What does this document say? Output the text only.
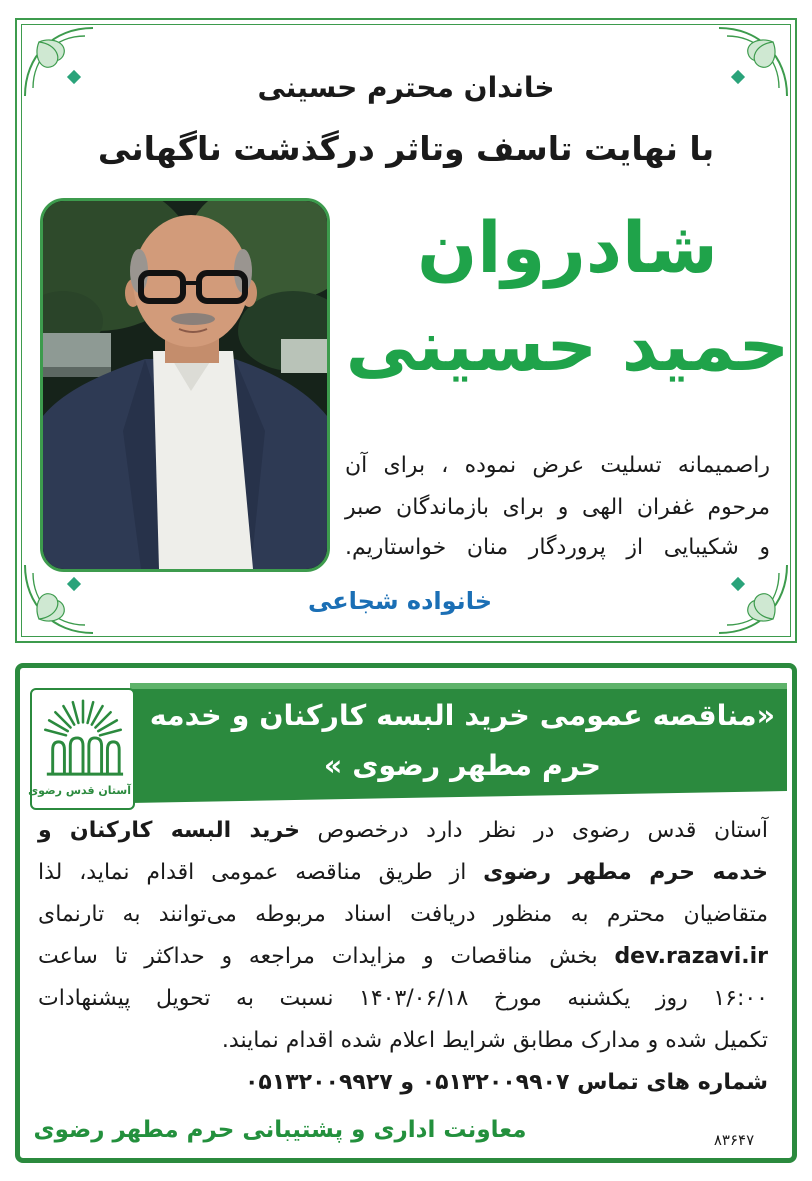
خاندان محترم حسینی
با نهایت تاسف وتاثر درگذشت ناگهانی
شادروان
حمید حسینی
راصمیمانه تسلیت عرض نموده ، برای آن
مرحوم غفران الهی و برای بازماندگان صبر
و شکیبایی از پروردگار منان خواستاریم.
خانواده شجاعی
آستان قدس رضوی
«مناقصه عمومی خرید البسه کارکنان و خدمه
حرم مطهر رضوی »
آستان قدس رضوی در نظر دارد درخصوص خرید البسه کارکنان و
خدمه حرم مطهر رضوی از طریق مناقصه عمومی اقدام نماید، لذا
متقاضیان محترم به منظور دریافت اسناد مربوطه می‌توانند به تارنمای
dev.razavi.ir بخش مناقصات و مزایدات مراجعه و حداکثر تا ساعت
۱۶:۰۰ روز یکشنبه مورخ ۱۴۰۳/۰۶/۱۸ نسبت به تحویل پیشنهادات
تکمیل شده و مدارک مطابق شرایط اعلام شده اقدام نمایند.
شماره های تماس ۰۵۱۳۲۰۰۹۹۰۷ و ۰۵۱۳۲۰۰۹۹۲۷
معاونت اداری و پشتیبانی حرم مطهر رضوی	۸۳۶۴۷
